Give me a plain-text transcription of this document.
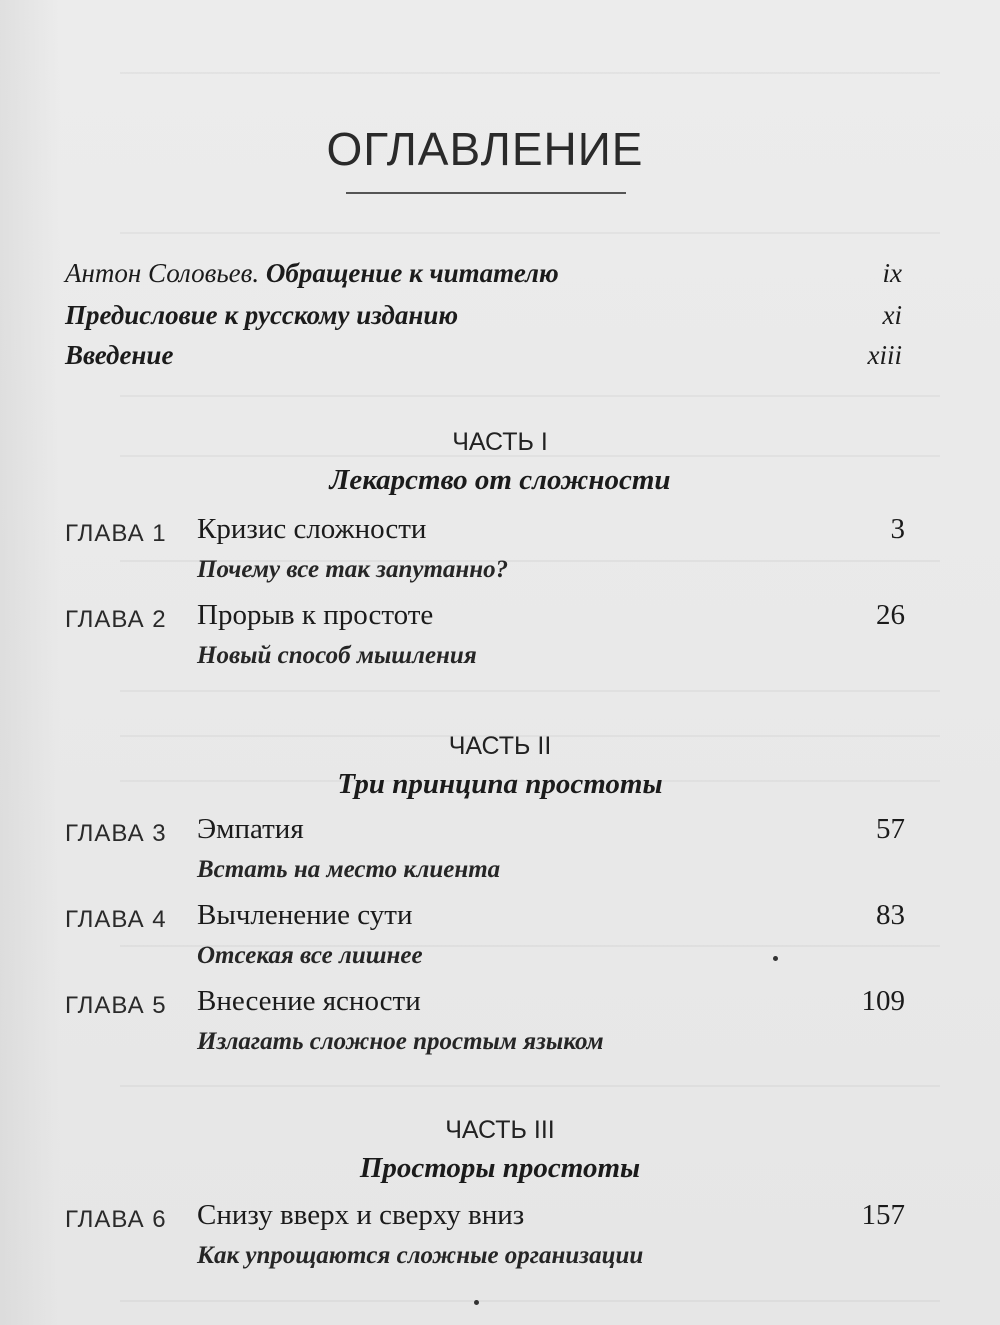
ОГЛАВЛЕНИЕ
Антон Соловьев. Обращение к читателю	ix
Предисловие к русскому изданию	xi
Введение	xiii
ЧАСТЬ I
Лекарство от сложности
ГЛАВА 1 Кризис сложности	3
Почему все так запутанно?
ГЛАВА 2 Прорыв к простоте	26
Новый способ мышления
ЧАСТЬ II
Три принципа простоты
ГЛАВА 3 Эмпатия	57
Встать на место клиента
ГЛАВА 4 Вычленение сути	83
Отсекая все лишнее
ГЛАВА 5 Внесение ясности	109
Излагать сложное простым языком
ЧАСТЬ III
Просторы простоты
ГЛАВА 6 Снизу вверх и сверху вниз	157
Как упрощаются сложные организации
